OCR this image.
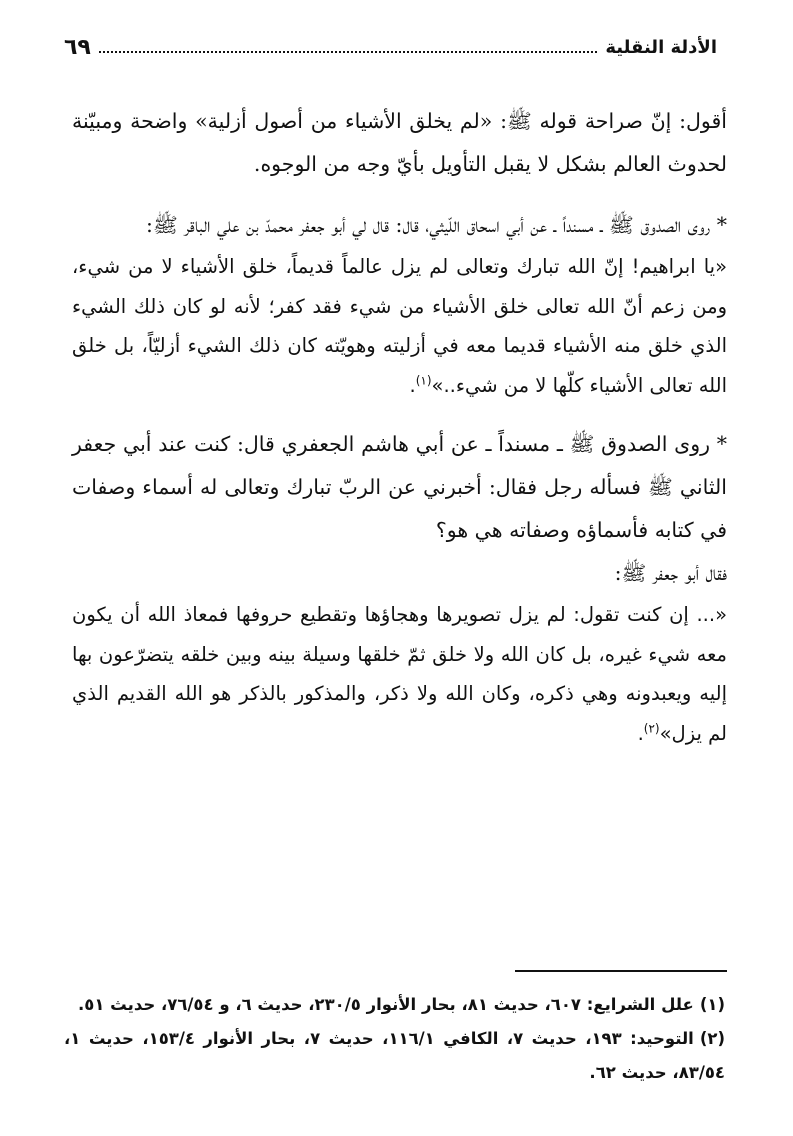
الأدلة النقلية
٦٩

أقول: إنّ صراحة قوله ﷺ: «لم يخلق الأشياء من أصول أزلية» واضحة ومبيّنة لحدوث العالم بشكل لا يقبل التأويل بأيّ وجه من الوجوه.

* روى الصدوق ﷺ ـ مسنداً ـ عن أبي اسحاق اللّيثي، قال: قال لي أبو جعفر محمدّ بن علي الباقر ﷺ:

«يا ابراهيم! إنّ الله تبارك وتعالى لم يزل عالماً قديماً، خلق الأشياء لا من شيء، ومن زعم أنّ الله تعالى خلق الأشياء من شيء فقد كفر؛ لأنه لو كان ذلك الشيء الذي خلق منه الأشياء قديما معه في أزليته وهويّته كان ذلك الشيء أزليّاً، بل خلق الله تعالى الأشياء كلّها لا من شيء..»$^{(١)}$.

* روى الصدوق ﷺ ـ مسنداً ـ عن أبي هاشم الجعفري قال: كنت عند أبي جعفر الثاني ﷺ فسأله رجل فقال: أخبرني عن الربّ تبارك وتعالى له أسماء وصفات في كتابه فأسماؤه وصفاته هي هو؟

فقال أبو جعفر ﷺ:

«... إن كنت تقول: لم يزل تصويرها وهجاؤها وتقطيع حروفها فمعاذ الله أن يكون معه شيء غيره، بل كان الله ولا خلق ثمّ خلقها وسيلة بينه وبين خلقه يتضرّعون بها إليه ويعبدونه وهي ذكره، وكان الله ولا ذكر، والمذكور بالذكر هو الله القديم الذي لم يزل»$^{(٢)}$.

(١)علل الشرايع: ٦٠٧، حديث ٨١، بحار الأنوار ٢٣٠/٥، حديث ٦، و ٧٦/٥٤، حديث ٥١.

(٢)التوحيد: ١٩٣، حديث ٧، الكافي ١١٦/١، حديث ٧، بحار الأنوار ١٥٣/٤، حديث ١، ٨٣/٥٤، حديث ٦٢.
